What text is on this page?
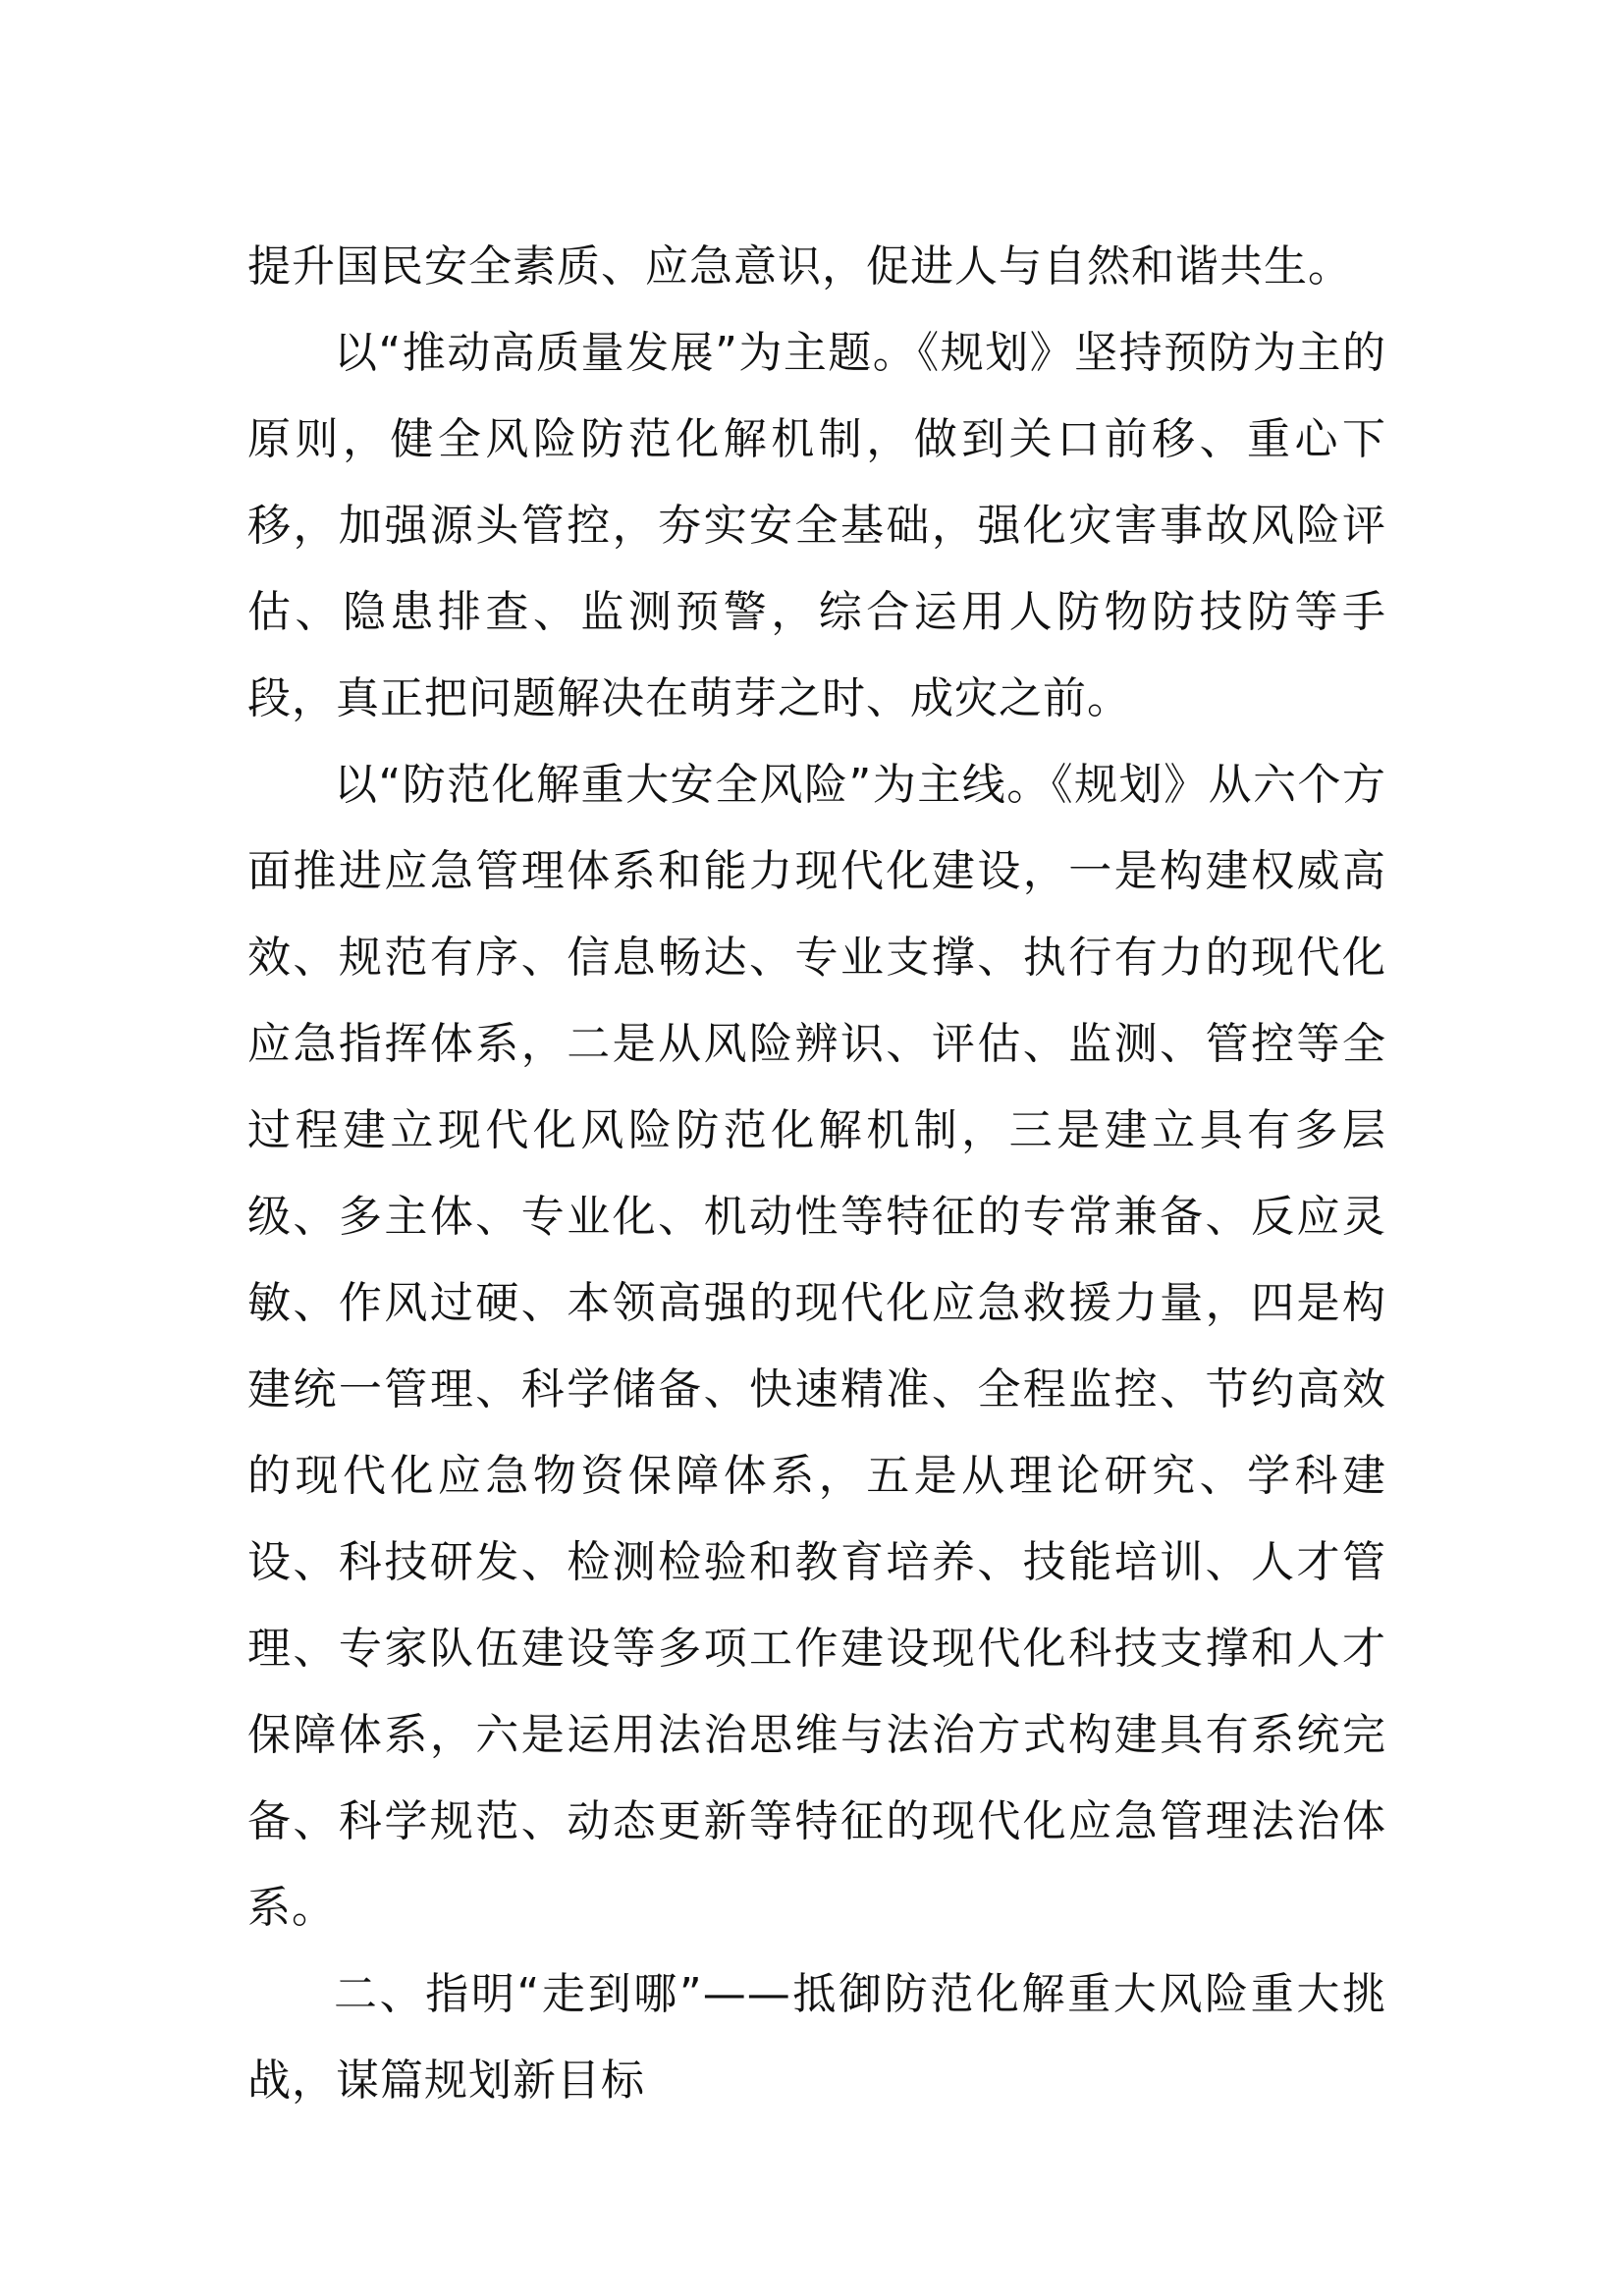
提升国民安全素质、应急意识，促进人与自然和谐共生。

以“推动高质量发展”为主题。《规划》坚持预防为主的原则，健全风险防范化解机制，做到关口前移、重心下移，加强源头管控，夯实安全基础，强化灾害事故风险评估、隐患排查、监测预警，综合运用人防物防技防等手段，真正把问题解决在萌芽之时、成灾之前。

以“防范化解重大安全风险”为主线。《规划》从六个方面推进应急管理体系和能力现代化建设，一是构建权威高效、规范有序、信息畅达、专业支撑、执行有力的现代化应急指挥体系，二是从风险辨识、评估、监测、管控等全过程建立现代化风险防范化解机制，三是建立具有多层级、多主体、专业化、机动性等特征的专常兼备、反应灵敏、作风过硬、本领高强的现代化应急救援力量，四是构建统一管理、科学储备、快速精准、全程监控、节约高效的现代化应急物资保障体系，五是从理论研究、学科建设、科技研发、检测检验和教育培养、技能培训、人才管理、专家队伍建设等多项工作建设现代化科技支撑和人才保障体系，六是运用法治思维与法治方式构建具有系统完备、科学规范、动态更新等特征的现代化应急管理法治体系。

二、指明“走到哪”——抵御防范化解重大风险重大挑战，谋篇规划新目标
